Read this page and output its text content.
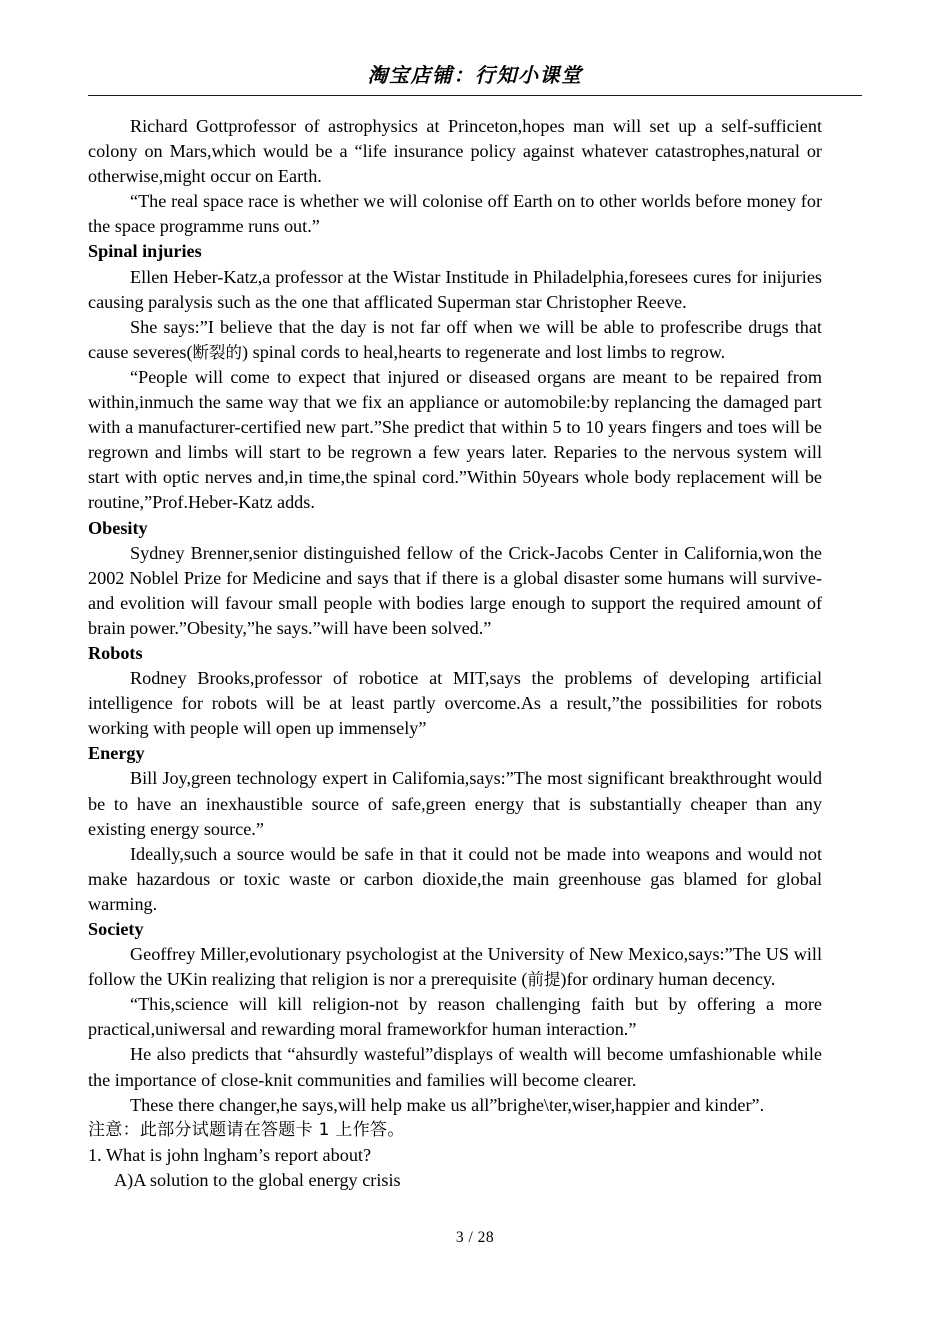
淘宝店铺：行知小课堂

Richard Gottprofessor of astrophysics at Princeton,hopes man will set up a self-sufficient colony on Mars,which would be a “life insurance policy against whatever catastrophes,natural or otherwise,might occur on Earth.

“The real space race is whether we will colonise off Earth on to other worlds before money for the space programme runs out.”

Spinal injuries

Ellen Heber-Katz,a professor at the Wistar Institude in Philadelphia,foresees cures for inijuries causing paralysis such as the one that afflicated Superman star Christopher Reeve.

She says:”I believe that the day is not far off when we will be able to profescribe drugs that cause severes(断裂的) spinal cords to heal,hearts to regenerate and lost limbs to regrow.

“People will come to expect that injured or diseased organs are meant to be repaired from within,inmuch the same way that we fix an appliance or automobile:by replancing the damaged part with a manufacturer-certified new part.”She predict that within 5 to 10 years fingers and toes will be regrown and limbs will start to be regrown a few years later. Reparies to the nervous system will start with optic nerves and,in time,the spinal cord.”Within 50years whole body replacement will be routine,”Prof.Heber-Katz adds.

Obesity

Sydney Brenner,senior distinguished fellow of the Crick-Jacobs Center in California,won the 2002 Noblel Prize for Medicine and says that if there is a global disaster some humans will survive-and evolition will favour small people with bodies large enough to support the required amount of brain power.”Obesity,”he says.”will have been solved.”

Robots

Rodney Brooks,professor of robotice at MIT,says the problems of developing artificial intelligence for robots will be at least partly overcome.As a result,”the possibilities for robots working with people will open up immensely”

Energy

Bill Joy,green technology expert in Califomia,says:”The most significant breakthrought would be to have an inexhaustible source of safe,green energy that is substantially cheaper than any existing energy source.”

Ideally,such a source would be safe in that it could not be made into weapons and would not make hazardous or toxic waste or carbon dioxide,the main greenhouse gas blamed for global warming.

Society

Geoffrey Miller,evolutionary psychologist at the University of New Mexico,says:”The US will follow the UKin realizing that religion is nor a prerequisite (前提)for ordinary human decency.

“This,science will kill religion-not by reason challenging faith but by offering a more practical,uniwersal and rewarding moral frameworkfor human interaction.”

He also predicts that “ahsurdly wasteful”displays of wealth will become umfashionable while the importance of close-knit communities and families will become clearer.

These there changer,he says,will help make us all”brighe\ter,wiser,happier and kinder”.

注意：此部分试题请在答题卡 1 上作答。

1. What is john lngham’s report about?

A)A solution to the global energy crisis

3 / 28
